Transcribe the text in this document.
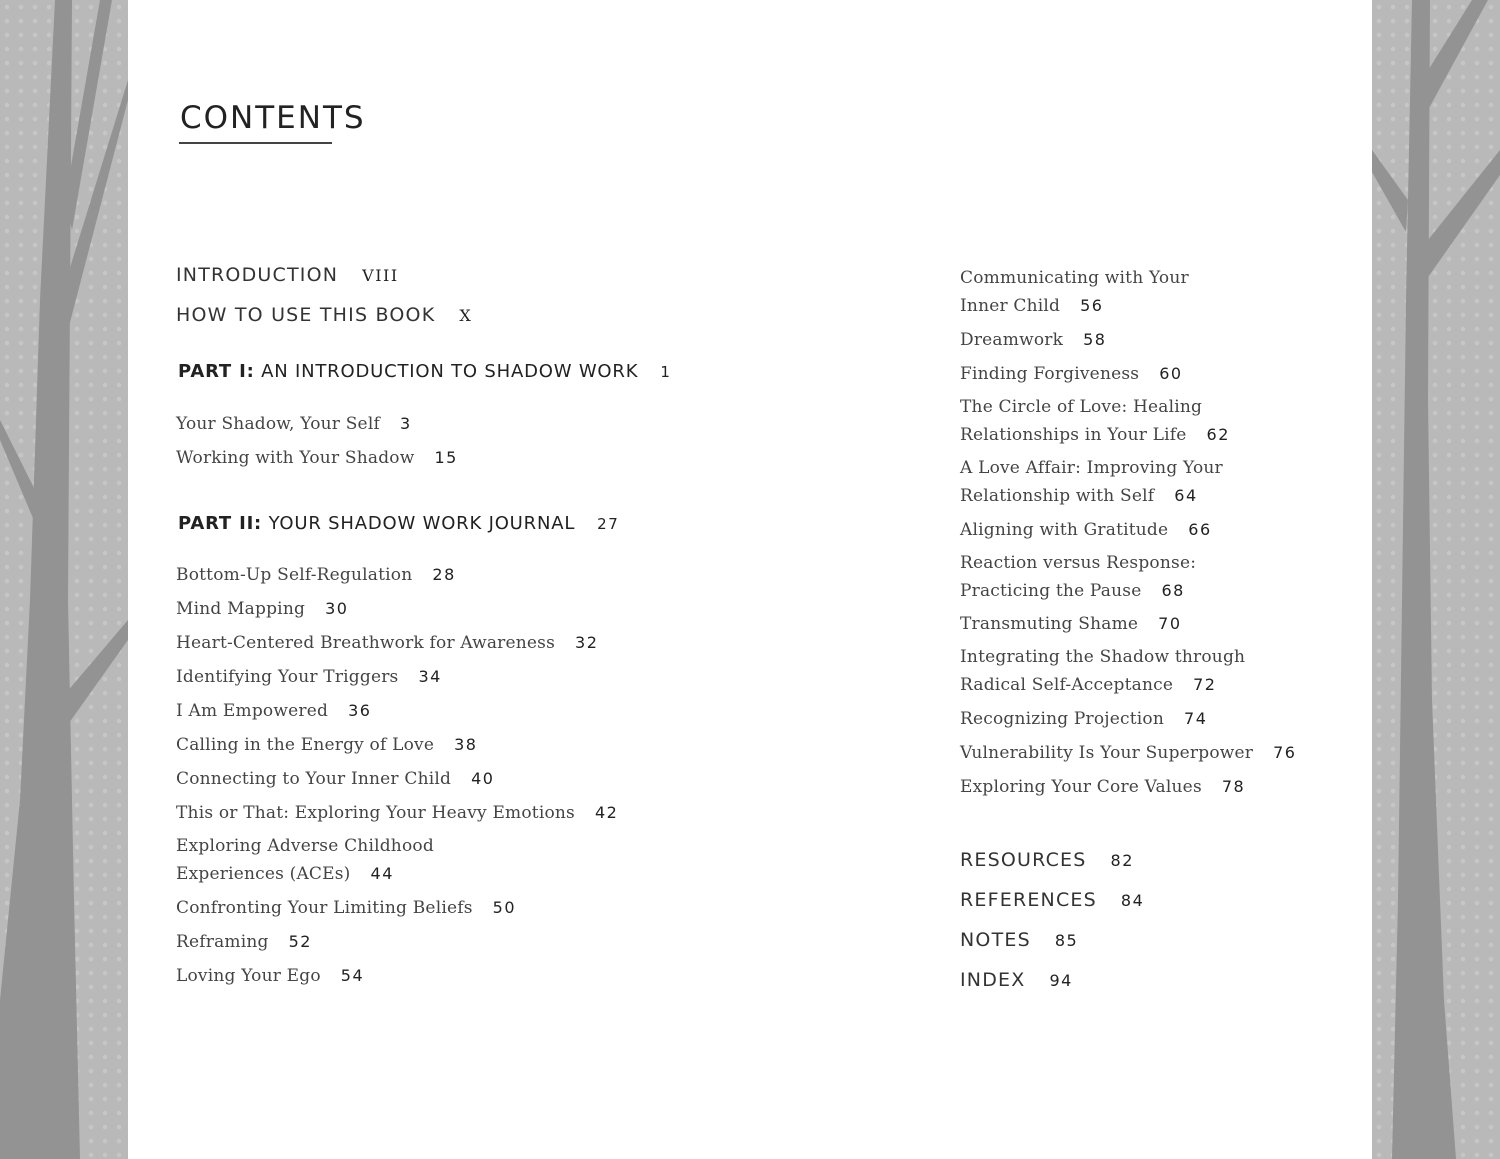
CONTENTS
INTRODUCTION VIII
HOW TO USE THIS BOOK X
PART I: AN INTRODUCTION TO SHADOW WORK 1
Your Shadow, Your Self 3
Working with Your Shadow 15
PART II: YOUR SHADOW WORK JOURNAL 27
Bottom-Up Self-Regulation 28
Mind Mapping 30
Heart-Centered Breathwork for Awareness 32
Identifying Your Triggers 34
I Am Empowered 36
Calling in the Energy of Love 38
Connecting to Your Inner Child 40
This or That: Exploring Your Heavy Emotions 42
Exploring Adverse Childhood
Experiences (ACEs) 44
Confronting Your Limiting Beliefs 50
Reframing 52
Loving Your Ego 54
Communicating with Your
Inner Child 56
Dreamwork 58
Finding Forgiveness 60
The Circle of Love: Healing
Relationships in Your Life 62
A Love Affair: Improving Your
Relationship with Self 64
Aligning with Gratitude 66
Reaction versus Response:
Practicing the Pause 68
Transmuting Shame 70
Integrating the Shadow through
Radical Self-Acceptance 72
Recognizing Projection 74
Vulnerability Is Your Superpower 76
Exploring Your Core Values 78
RESOURCES 82
REFERENCES 84
NOTES 85
INDEX 94
